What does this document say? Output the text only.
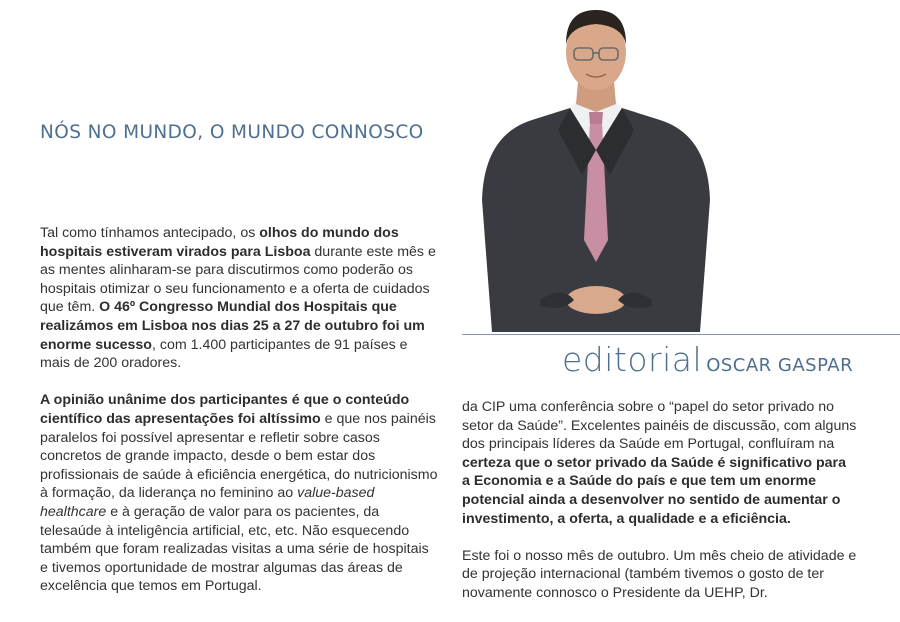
NÓS NO MUNDO, O MUNDO CONNOSCO

Tal como tínhamos antecipado, os olhos do mundo dos hospitais estiveram virados para Lisboa durante este mês e as mentes alinharam-se para discutirmos como poderão os hospitais otimizar o seu funcionamento e a oferta de cuidados que têm. O 46º Congresso Mundial dos Hospitais que realizámos em Lisboa nos dias 25 a 27 de outubro foi um enorme sucesso, com 1.400 participantes de 91 países e mais de 200 oradores.

A opinião unânime dos participantes é que o conteúdo científico das apresentações foi altíssimo e que nos painéis paralelos foi possível apresentar e refletir sobre casos concretos de grande impacto, desde o bem estar dos profissionais de saúde à eficiência energética, do nutricionismo à formação, da liderança no feminino ao value-based healthcare e à geração de valor para os pacientes, da telesaúde à inteligência artificial, etc, etc. Não esquecendo também que foram realizadas visitas a uma série de hospitais e tivemos oportunidade de mostrar algumas das áreas de excelência que temos em Portugal.

editorial OSCAR GASPAR

da CIP uma conferência sobre o “papel do setor privado no setor da Saúde”. Excelentes painéis de discussão, com alguns dos principais líderes da Saúde em Portugal, confluíram na certeza que o setor privado da Saúde é significativo para a Economia e a Saúde do país e que tem um enorme potencial ainda a desenvolver no sentido de aumentar o investimento, a oferta, a qualidade e a eficiência.

Este foi o nosso mês de outubro. Um mês cheio de atividade e de projeção internacional (também tivemos o gosto de ter novamente connosco o Presidente da UEHP, Dr.
